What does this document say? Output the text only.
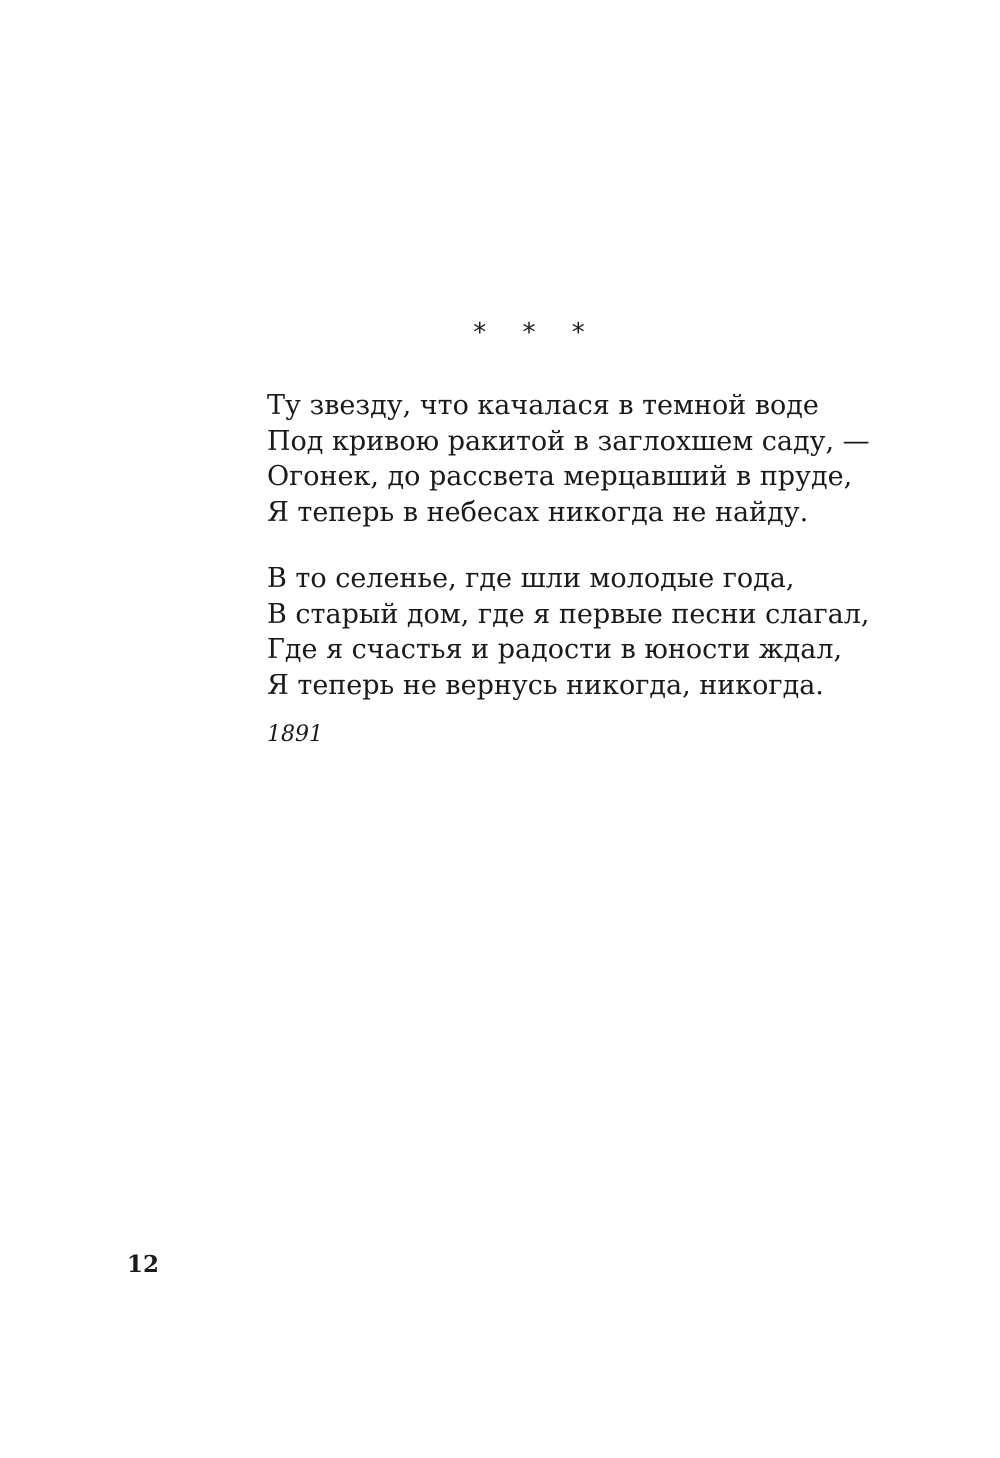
* * *
Ту звезду, что качалася в темной воде
Под кривою ракитой в заглохшем саду, —
Огонек, до рассвета мерцавший в пруде,
Я теперь в небесах никогда не найду.
В то селенье, где шли молодые года,
В старый дом, где я первые песни слагал,
Где я счастья и радости в юности ждал,
Я теперь не вернусь никогда, никогда.
1891
12
